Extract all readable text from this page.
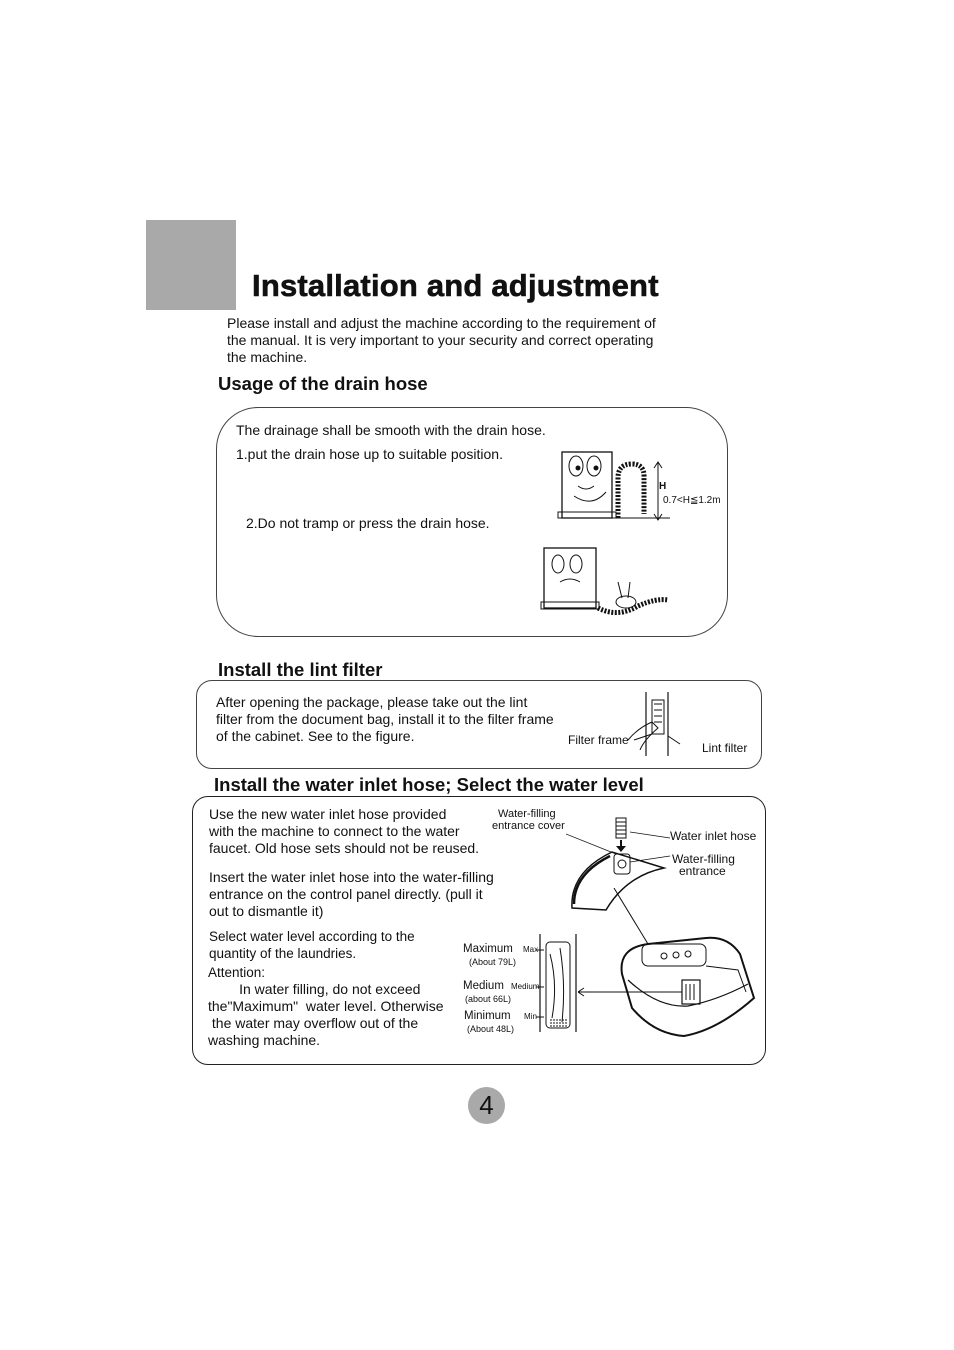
Installation and adjustment
Please install and adjust the machine according to the requirement of
the manual. It is very important to your security and correct operating
the machine.
Usage of the drain hose
The drainage shall be smooth with the drain hose.
1.put the drain hose up to suitable position.
2.Do not tramp or press the drain hose.
H
0.7<H≦1.2m
Install the lint filter
After opening the package, please take out the lint
filter from the document bag, install it to the filter frame
of the cabinet. See to the figure.	Filter frame
Lint filter
Install the water inlet hose; Select the water level
Use the new water inlet hose provided
with the machine to connect to the water
faucet. Old hose sets should not be reused.
Insert the water inlet hose into the water-filling
entrance on the control panel directly. (pull it
out to dismantle it)
Select water level according to the
quantity of the laundries.
Attention:
In water filling, do not exceed
the"Maximum"  water level. Otherwise
the water may overflow out of the
washing machine.
Water-filling
entrance cover
Water inlet hose
Water-filling
entrance
Maximum Max
(About 79L)
Medium Medium
(about 66L)
Minimum Min
(About 48L)
4
